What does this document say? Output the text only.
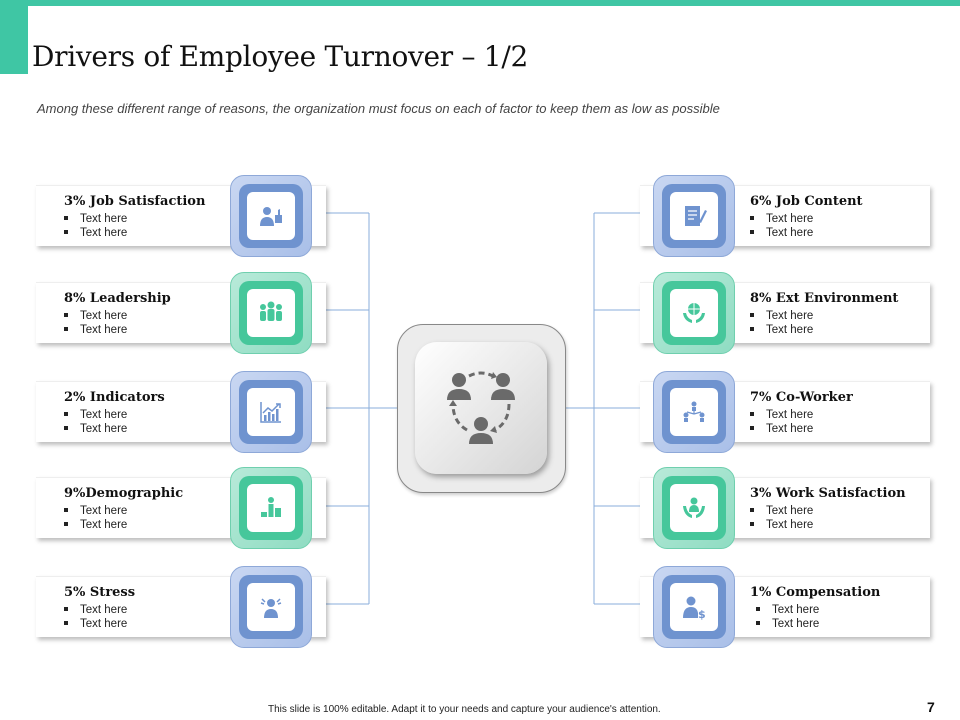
Drivers of Employee Turnover – 1/2
Among these different range of reasons, the organization must focus on each of factor to keep them as low as possible
3% Job Satisfaction
Text here
Text here
8% Leadership
Text here
Text here
2% Indicators
Text here
Text here
9%Demographic
Text here
Text here
5% Stress
Text here
Text here
6% Job Content
Text here
Text here
8% Ext Environment
Text here
Text here
7% Co-Worker
Text here
Text here
3% Work Satisfaction
Text here
Text here
1% Compensation
Text here
Text here
$
This slide is 100% editable. Adapt it to your needs and capture your audience's attention.	7
